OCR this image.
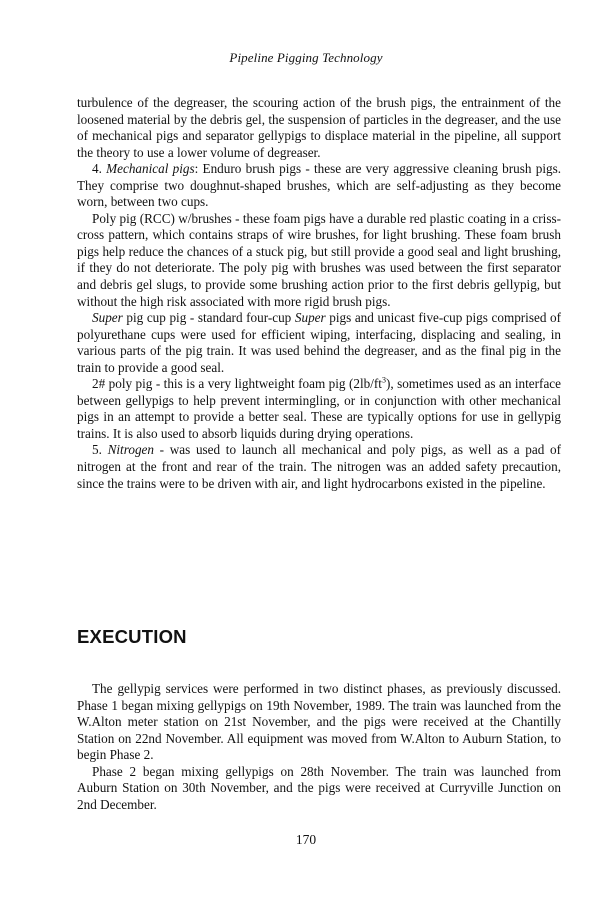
Pipeline Pigging Technology

turbulence of the degreaser, the scouring action of the brush pigs, the entrainment of the loosened material by the debris gel, the suspension of particles in the degreaser, and the use of mechanical pigs and separator gellypigs to displace material in the pipeline, all support the theory to use a lower volume of degreaser.

4. Mechanical pigs: Enduro brush pigs - these are very aggressive cleaning brush pigs. They comprise two doughnut-shaped brushes, which are self-adjusting as they become worn, between two cups.

Poly pig (RCC) w/brushes - these foam pigs have a durable red plastic coating in a criss-cross pattern, which contains straps of wire brushes, for light brushing. These foam brush pigs help reduce the chances of a stuck pig, but still provide a good seal and light brushing, if they do not deteriorate. The poly pig with brushes was used between the first separator and debris gel slugs, to provide some brushing action prior to the first debris gellypig, but without the high risk associated with more rigid brush pigs.

Super pig cup pig - standard four-cup Super pigs and unicast five-cup pigs comprised of polyurethane cups were used for efficient wiping, interfacing, displacing and sealing, in various parts of the pig train. It was used behind the degreaser, and as the final pig in the train to provide a good seal.

2# poly pig - this is a very lightweight foam pig $(2lb/ft^3)$, sometimes used as an interface between gellypigs to help prevent intermingling, or in conjunction with other mechanical pigs in an attempt to provide a better seal. These are typically options for use in gellypig trains. It is also used to absorb liquids during drying operations.

5. Nitrogen - was used to launch all mechanical and poly pigs, as well as a pad of nitrogen at the front and rear of the train. The nitrogen was an added safety precaution, since the trains were to be driven with air, and light hydrocarbons existed in the pipeline.

EXECUTION

The gellypig services were performed in two distinct phases, as previously discussed. Phase 1 began mixing gellypigs on 19th November, 1989. The train was launched from the W.Alton meter station on 21st November, and the pigs were received at the Chantilly Station on 22nd November. All equipment was moved from W.Alton to Auburn Station, to begin Phase 2.

Phase 2 began mixing gellypigs on 28th November. The train was launched from Auburn Station on 30th November, and the pigs were received at Curryville Junction on 2nd December.

170
